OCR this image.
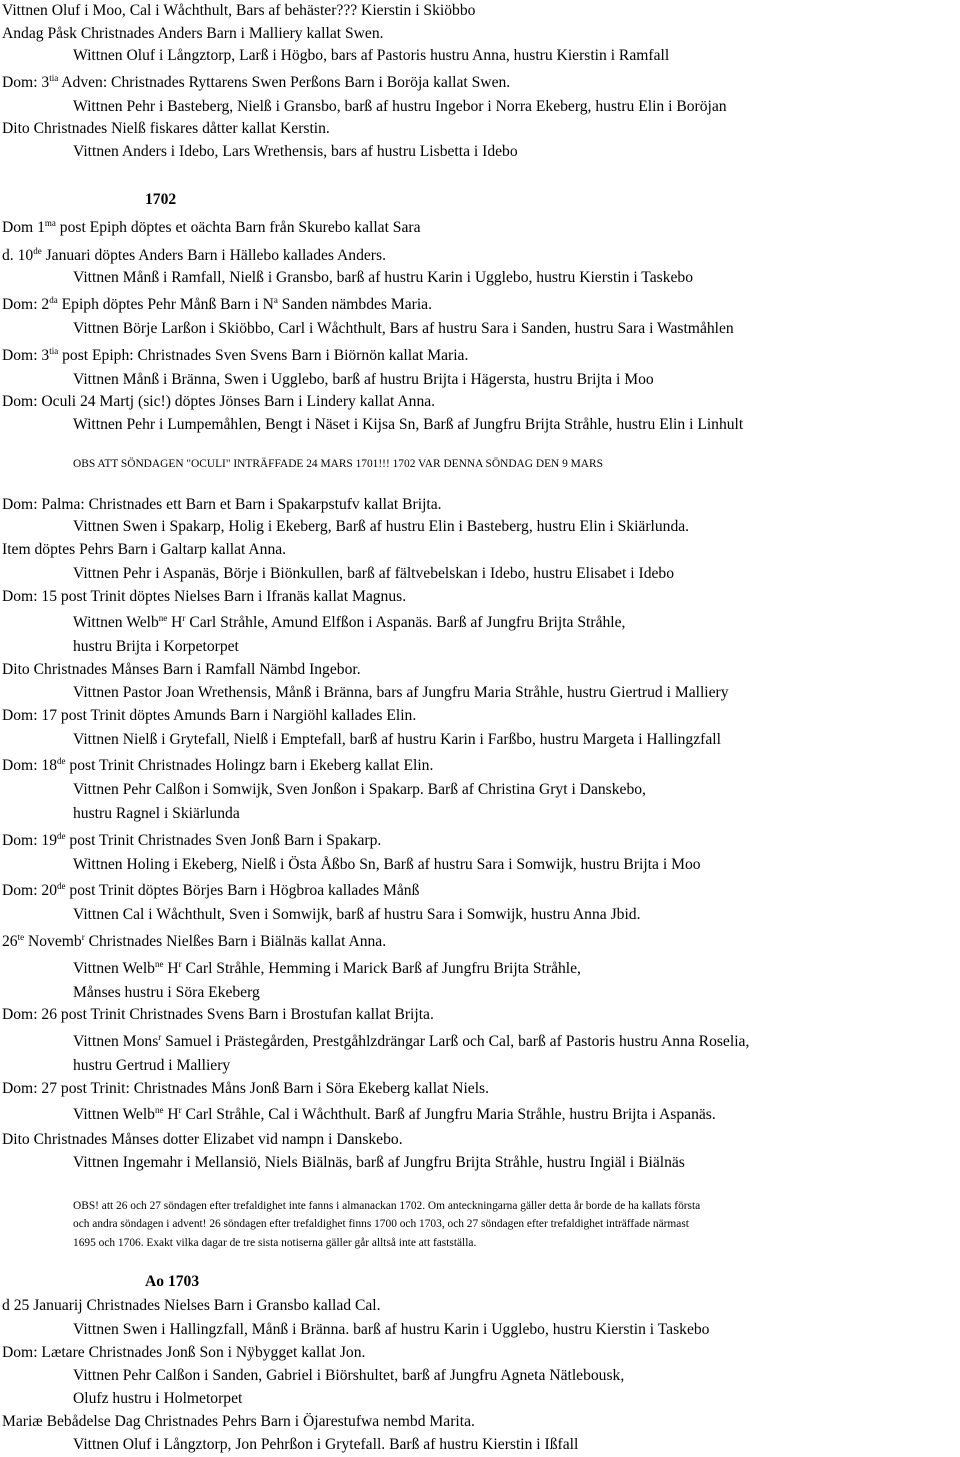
Vittnen Oluf i Moo, Cal i Wåchthult, Bars af behäster??? Kierstin i Skiöbbo
Andag Påsk Christnades Anders Barn i Malliery kallat Swen.
Wittnen Oluf i Långztorp, Larß i Högbo, bars af Pastoris hustru Anna, hustru Kierstin i Ramfall
Dom: $3^{tia}$ Adven: Christnades Ryttarens Swen Perßons Barn i Boröja kallat Swen.
Wittnen Pehr i Basteberg, Nielß i Gransbo, barß af hustru Ingebor i Norra Ekeberg, hustru Elin i Boröjan
Dito Christnades Nielß fiskares dåtter kallat Kerstin.
Vittnen Anders i Idebo, Lars Wrethensis, bars af hustru Lisbetta i Idebo
1702
Dom $1^{ma}$ post Epiph döptes et oächta Barn från Skurebo kallat Sara
d. 10de Januari döptes Anders Barn i Hällebo kallades Anders.
Vittnen Månß i Ramfall, Nielß i Gransbo, barß af hustru Karin i Ugglebo, hustru Kierstin i Taskebo
Dom: $2^{da}$ Epiph döptes Pehr Månß Barn i $N^a$ Sanden nämbdes Maria.
Vittnen Börje Larßon i Skiöbbo, Carl i Wåchthult, Bars af hustru Sara i Sanden, hustru Sara i Wastmåhlen
Dom: $3^{tia}$ post Epiph: Christnades Sven Svens Barn i Biörnön kallat Maria.
Vittnen Månß i Bränna, Swen i Ugglebo, barß af hustru Brijta i Hägersta, hustru Brijta i Moo
Dom: Oculi 24 Martj (sic!) döptes Jönses Barn i Lindery kallat Anna.
Wittnen Pehr i Lumpemåhlen, Bengt i Näset i Kijsa Sn, Barß af Jungfru Brijta Stråhle, hustru Elin i Linhult
OBS ATT SÖNDAGEN "OCULI" INTRÄFFADE 24 MARS 1701!!! 1702 VAR DENNA SÖNDAG DEN 9 MARS
Dom: Palma: Christnades ett Barn et Barn i Spakarpstufv kallat Brijta.
Vittnen Swen i Spakarp, Holig i Ekeberg, Barß af hustru Elin i Basteberg, hustru Elin i Skiärlunda.
Item döptes Pehrs Barn i Galtarp kallat Anna.
Vittnen Pehr i Aspanäs, Börje i Biönkullen, barß af fältvebelskan i Idebo, hustru Elisabet i Idebo
Dom: 15 post Trinit döptes Nielses Barn i Ifranäs kallat Magnus.
Wittnen Welb$^{ne}$ $H^r$ Carl Stråhle, Amund Elfßon i Aspanäs. Barß af Jungfru Brijta Stråhle,
hustru Brijta i Korpetorpet
Dito Christnades Månses Barn i Ramfall Nämbd Ingebor.
Vittnen Pastor Joan Wrethensis, Månß i Bränna, bars af Jungfru Maria Stråhle, hustru Giertrud i Malliery
Dom: 17 post Trinit döptes Amunds Barn i Nargiöhl kallades Elin.
Vittnen Nielß i Grytefall, Nielß i Emptefall, barß af hustru Karin i Farßbo, hustru Margeta i Hallingzfall
Dom: 18de post Trinit Christnades Holingz barn i Ekeberg kallat Elin.
Vittnen Pehr Calßon i Somwijk, Sven Jonßon i Spakarp. Barß af Christina Gryt i Danskebo,
hustru Ragnel i Skiärlunda
Dom: 19de post Trinit Christnades Sven Jonß Barn i Spakarp.
Wittnen Holing i Ekeberg, Nielß i Östa Åßbo Sn, Barß af hustru Sara i Somwijk, hustru Brijta i Moo
Dom: 20de post Trinit döptes Börjes Barn i Högbroa kallades Månß
Vittnen Cal i Wåchthult, Sven i Somwijk, barß af hustru Sara i Somwijk, hustru Anna Jbid.
$26^{te}$ Novemb$^r$ Christnades Nielßes Barn i Biälnäs kallat Anna.
Vittnen Welb$^{ne}$ $H^r$ Carl Stråhle, Hemming i Marick Barß af Jungfru Brijta Stråhle,
Månses hustru i Söra Ekeberg
Dom: 26 post Trinit Christnades Svens Barn i Brostufan kallat Brijta.
Vittnen Mons$^r$ Samuel i Prästegården, Prestgåhlzdrängar Larß och Cal, barß af Pastoris hustru Anna Roselia,
hustru Gertrud i Malliery
Dom: 27 post Trinit: Christnades Måns Jonß Barn i Söra Ekeberg kallat Niels.
Vittnen Welb$^{ne}$ $H^r$ Carl Stråhle, Cal i Wåchthult. Barß af Jungfru Maria Stråhle, hustru Brijta i Aspanäs.
Dito Christnades Månses dotter Elizabet vid nampn i Danskebo.
Vittnen Ingemahr i Mellansiö, Niels Biälnäs, barß af Jungfru Brijta Stråhle, hustru Ingiäl i Biälnäs
OBS! att 26 och 27 söndagen efter trefaldighet inte fanns i almanackan 1702. Om anteckningarna gäller detta år borde de ha kallats första
och andra söndagen i advent! 26 söndagen efter trefaldighet finns 1700 och 1703, och 27 söndagen efter trefaldighet inträffade närmast
1695 och 1706. Exakt vilka dagar de tre sista notiserna gäller går alltså inte att fastställa.
Ao 1703
d 25 Januarij Christnades Nielses Barn i Gransbo kallad Cal.
Vittnen Swen i Hallingzfall, Månß i Bränna. barß af hustru Karin i Ugglebo, hustru Kierstin i Taskebo
Dom: Lætare Christnades Jonß Son i Nÿbygget kallat Jon.
Vittnen Pehr Calßon i Sanden, Gabriel i Biörshultet, barß af Jungfru Agneta Nätlebousk,
Olufz hustru i Holmetorpet
Mariæ Bebådelse Dag Christnades Pehrs Barn i Öjarestufwa nembd Marita.
Vittnen Oluf i Långztorp, Jon Pehrßon i Grytefall. Barß af hustru Kierstin i Ißfall
